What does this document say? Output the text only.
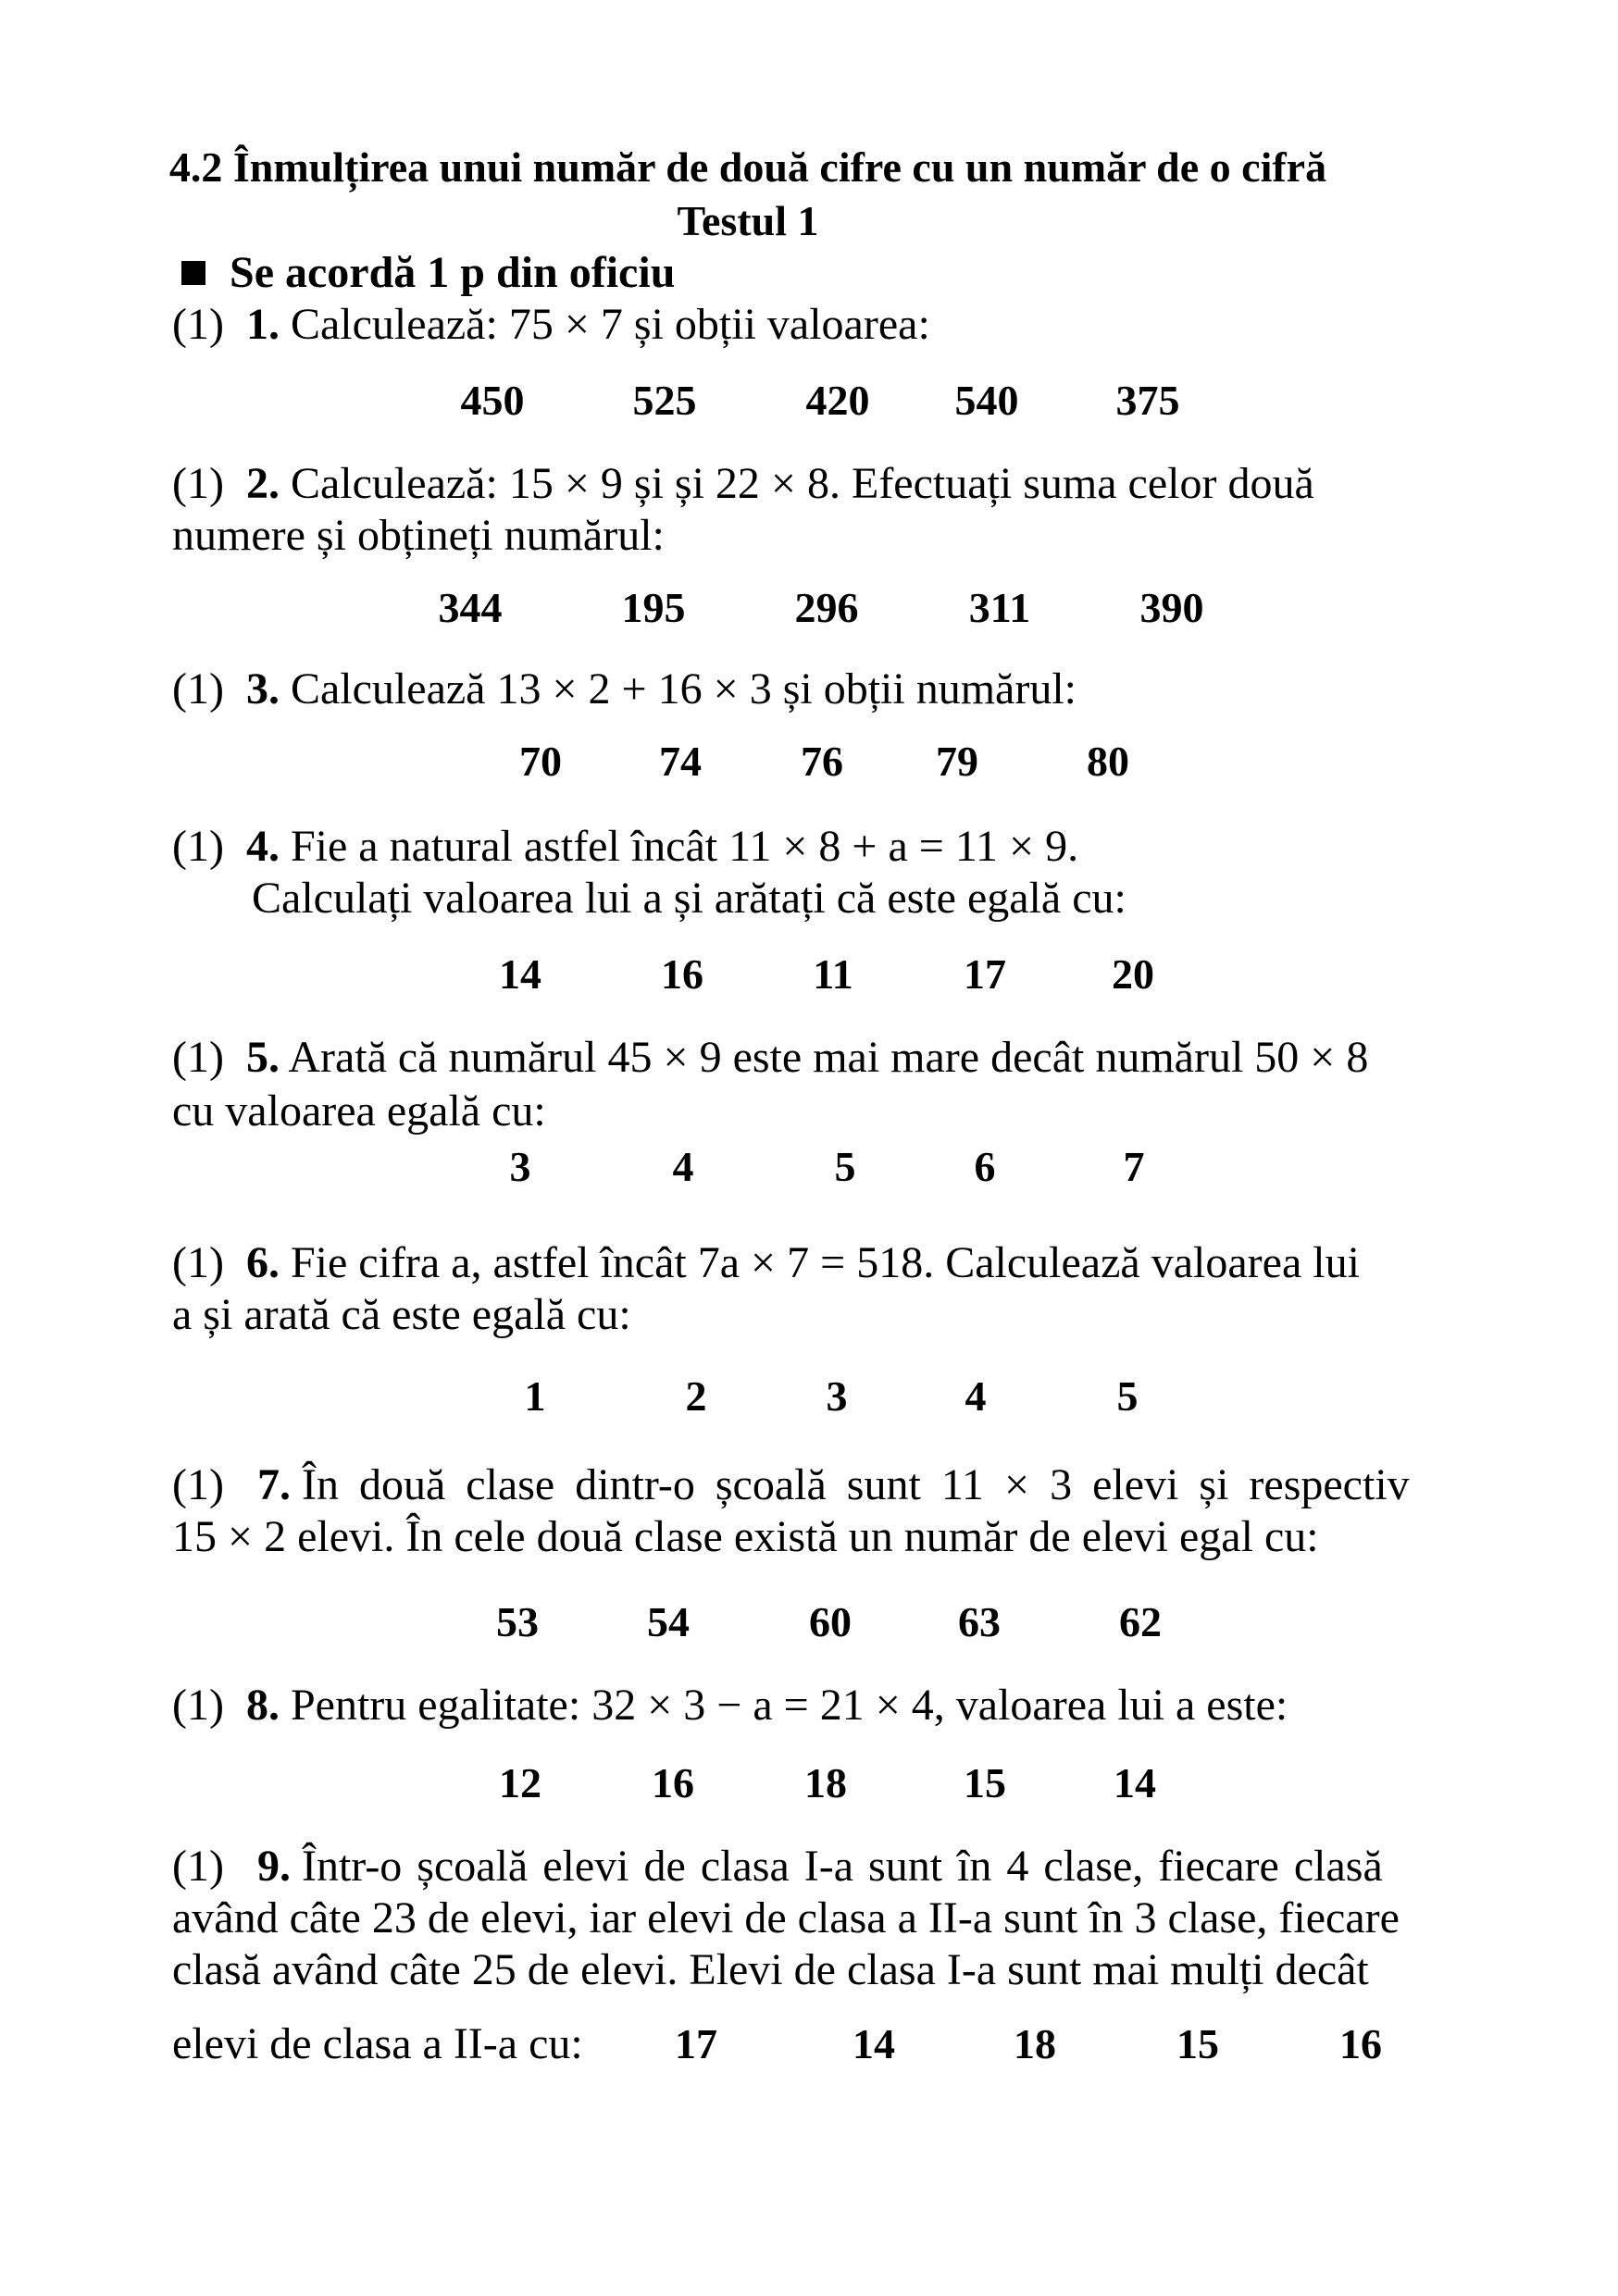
4.2 Înmulțirea unui număr de două cifre cu un număr de o cifră
Testul 1
Se acordă 1 p din oficiu
(1) 1. Calculează: 75 × 7 și obții valoarea:
450	525	420 540 375
(1) 2. Calculează: 15 × 9 și și 22 × 8. Efectuați suma celor două
numere și obțineți numărul:
344	195	296	311	390
(1) 3. Calculează 13 × 2 + 16 × 3 și obții numărul:
70 74 76 79	80
(1) 4. Fie a natural astfel încât 11 × 8 + a = 11 × 9.
Calculați valoarea lui a și arătați că este egală cu:
14	16	11	17 20
(1) 5. Arată că numărul 45 × 9 este mai mare decât numărul 50 × 8
cu valoarea egală cu:
3	4	5	6	7
(1) 6. Fie cifra a, astfel încât 7a × 7 = 518. Calculează valoarea lui
a și arată că este egală cu:
1	2	3	4	5
(1) 7. În două clase dintr-o școală sunt 11 × 3 elevi și respectiv
15 × 2 elevi. În cele două clase există un număr de elevi egal cu:
53	54	60	63	62
(1) 8. Pentru egalitate: 32 × 3 − a = 21 × 4, valoarea lui a este:
12	16	18	15	14
(1) 9. Într-o școală elevi de clasa I-a sunt în 4 clase, fiecare clasă
având câte 23 de elevi, iar elevi de clasa a II-a sunt în 3 clase, fiecare
clasă având câte 25 de elevi. Elevi de clasa I-a sunt mai mulți decât
elevi de clasa a II-a cu: 17	14	18	15	16
